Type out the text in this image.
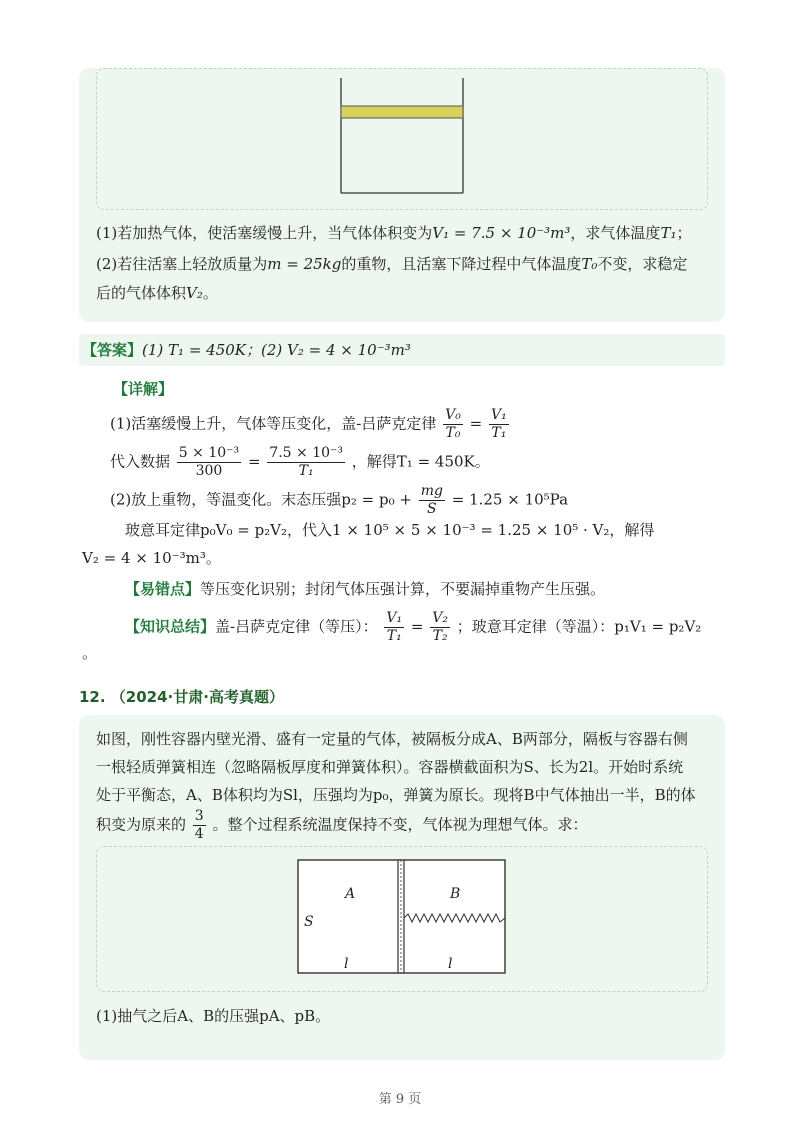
(1)若加热气体，使活塞缓慢上升，当气体体积变为V₁ = 7.5 × 10⁻³m³，求气体温度T₁；
(2)若往活塞上轻放质量为m = 25kg的重物，且活塞下降过程中气体温度T₀不变，求稳定
后的气体体积V₂。
【答案】(1) T₁ = 450K；(2) V₂ = 4 × 10⁻³m³
【详解】
(1)活塞缓慢上升，气体等压变化，盖-吕萨克定律 $\frac{\text{V₀}}{\text{T₀}} = \frac{\text{V₁}}{\text{T₁}}$
代入数据 $\frac{\text{5 × 10⁻³}}{300} = \frac{\text{7.5 × 10⁻³}}{\text{T₁}}$ ，解得T₁ = 450K。
(2)放上重物，等温变化。末态压强$p_2 = p_0 + \frac{mg}{S} = 1.25 \times 10^5Pa$
玻意耳定律p₀V₀ = p₂V₂，代入1 × 10⁵ × 5 × 10⁻³ = 1.25 × 10⁵ · V₂，解得
V₂ = 4 × 10⁻³m³。
【易错点】等压变化识别；封闭气体压强计算，不要漏掉重物产生压强。
【知识总结】盖-吕萨克定律（等压）： $\frac{\text{V₁}}{\text{T₁}} = \frac{\text{V₂}}{\text{T₂}}$ ；玻意耳定律（等温）：p₁V₁ = p₂V₂
。
12. （2024·甘肃·高考真题）
如图，刚性容器内壁光滑、盛有一定量的气体，被隔板分成A、B两部分，隔板与容器右侧
一根轻质弹簧相连（忽略隔板厚度和弹簧体积）。容器横截面积为S、长为2l。开始时系统
处于平衡态，A、B体积均为Sl，压强均为p₀，弹簧为原长。现将B中气体抽出一半，B的体
积变为原来的 $\frac{3}{4}$ 。整个过程系统温度保持不变，气体视为理想气体。求：
A	B
S
l	l
(1)抽气之后A、B的压强pA、pB。
第 9 页
